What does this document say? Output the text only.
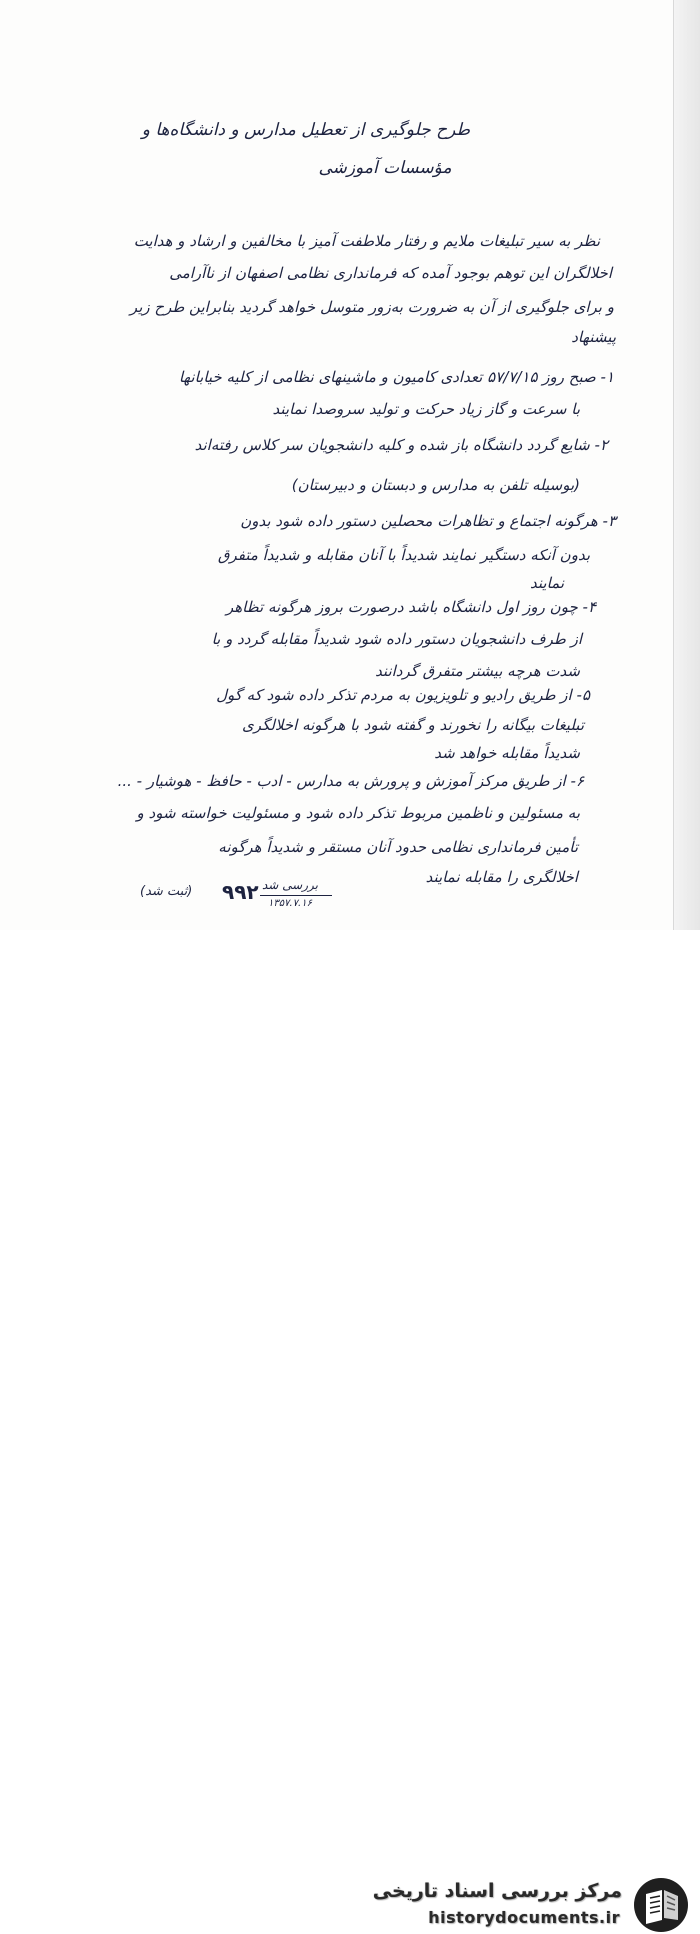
طرح جلوگیری از تعطیل مدارس و دانشگاه‌ها و
مؤسسات آموزشی
نظر به سیر تبلیغات ملایم و رفتار ملاطفت آمیز با مخالفین و ارشاد و هدایت
اخلالگران این توهم بوجود آمده که فرمانداری نظامی اصفهان از ناآرامی
و برای جلوگیری از آن به ضرورت به‌زور متوسل خواهد گردید بنابراین طرح زیر
پیشنهاد
۱- صبح روز ۵۷/۷/۱۵ تعدادی کامیون و ماشینهای نظامی از کلیه خیابانها
با سرعت و گاز زیاد حرکت و تولید سروصدا نمایند
۲- شایع گردد دانشگاه باز شده و کلیه دانشجویان سر کلاس رفته‌اند
(بوسیله تلفن به مدارس و دبستان و دبیرستان)
۳- هرگونه اجتماع و تظاهرات محصلین دستور داده شود بدون
بدون آنکه دستگیر نمایند شدیداً با آنان مقابله و شدیداً متفرق
نمایند
۴- چون روز اول دانشگاه باشد درصورت بروز هرگونه تظاهر
از طرف دانشجویان دستور داده شود شدیداً مقابله گردد و با
شدت هرچه بیشتر متفرق گردانند
۵- از طریق رادیو و تلویزیون به مردم تذکر داده شود که گول
تبلیغات بیگانه را نخورند و گفته شود با هرگونه اخلالگری
شدیداً مقابله خواهد شد
۶- از طریق مرکز آموزش و پرورش به مدارس - ادب - حافظ - هوشیار - ...
به مسئولین و ناظمین مربوط تذکر داده شود و مسئولیت خواسته شود و
تأمین فرمانداری نظامی حدود آنان مستقر و شدیداً هرگونه
اخلالگری را مقابله نمایند
(ثبت شد) ۹۹۲ بررسی شد
۱۳۵۷.۷.۱۶
مرکز بررسی اسناد تاریخی
historydocuments.ir
